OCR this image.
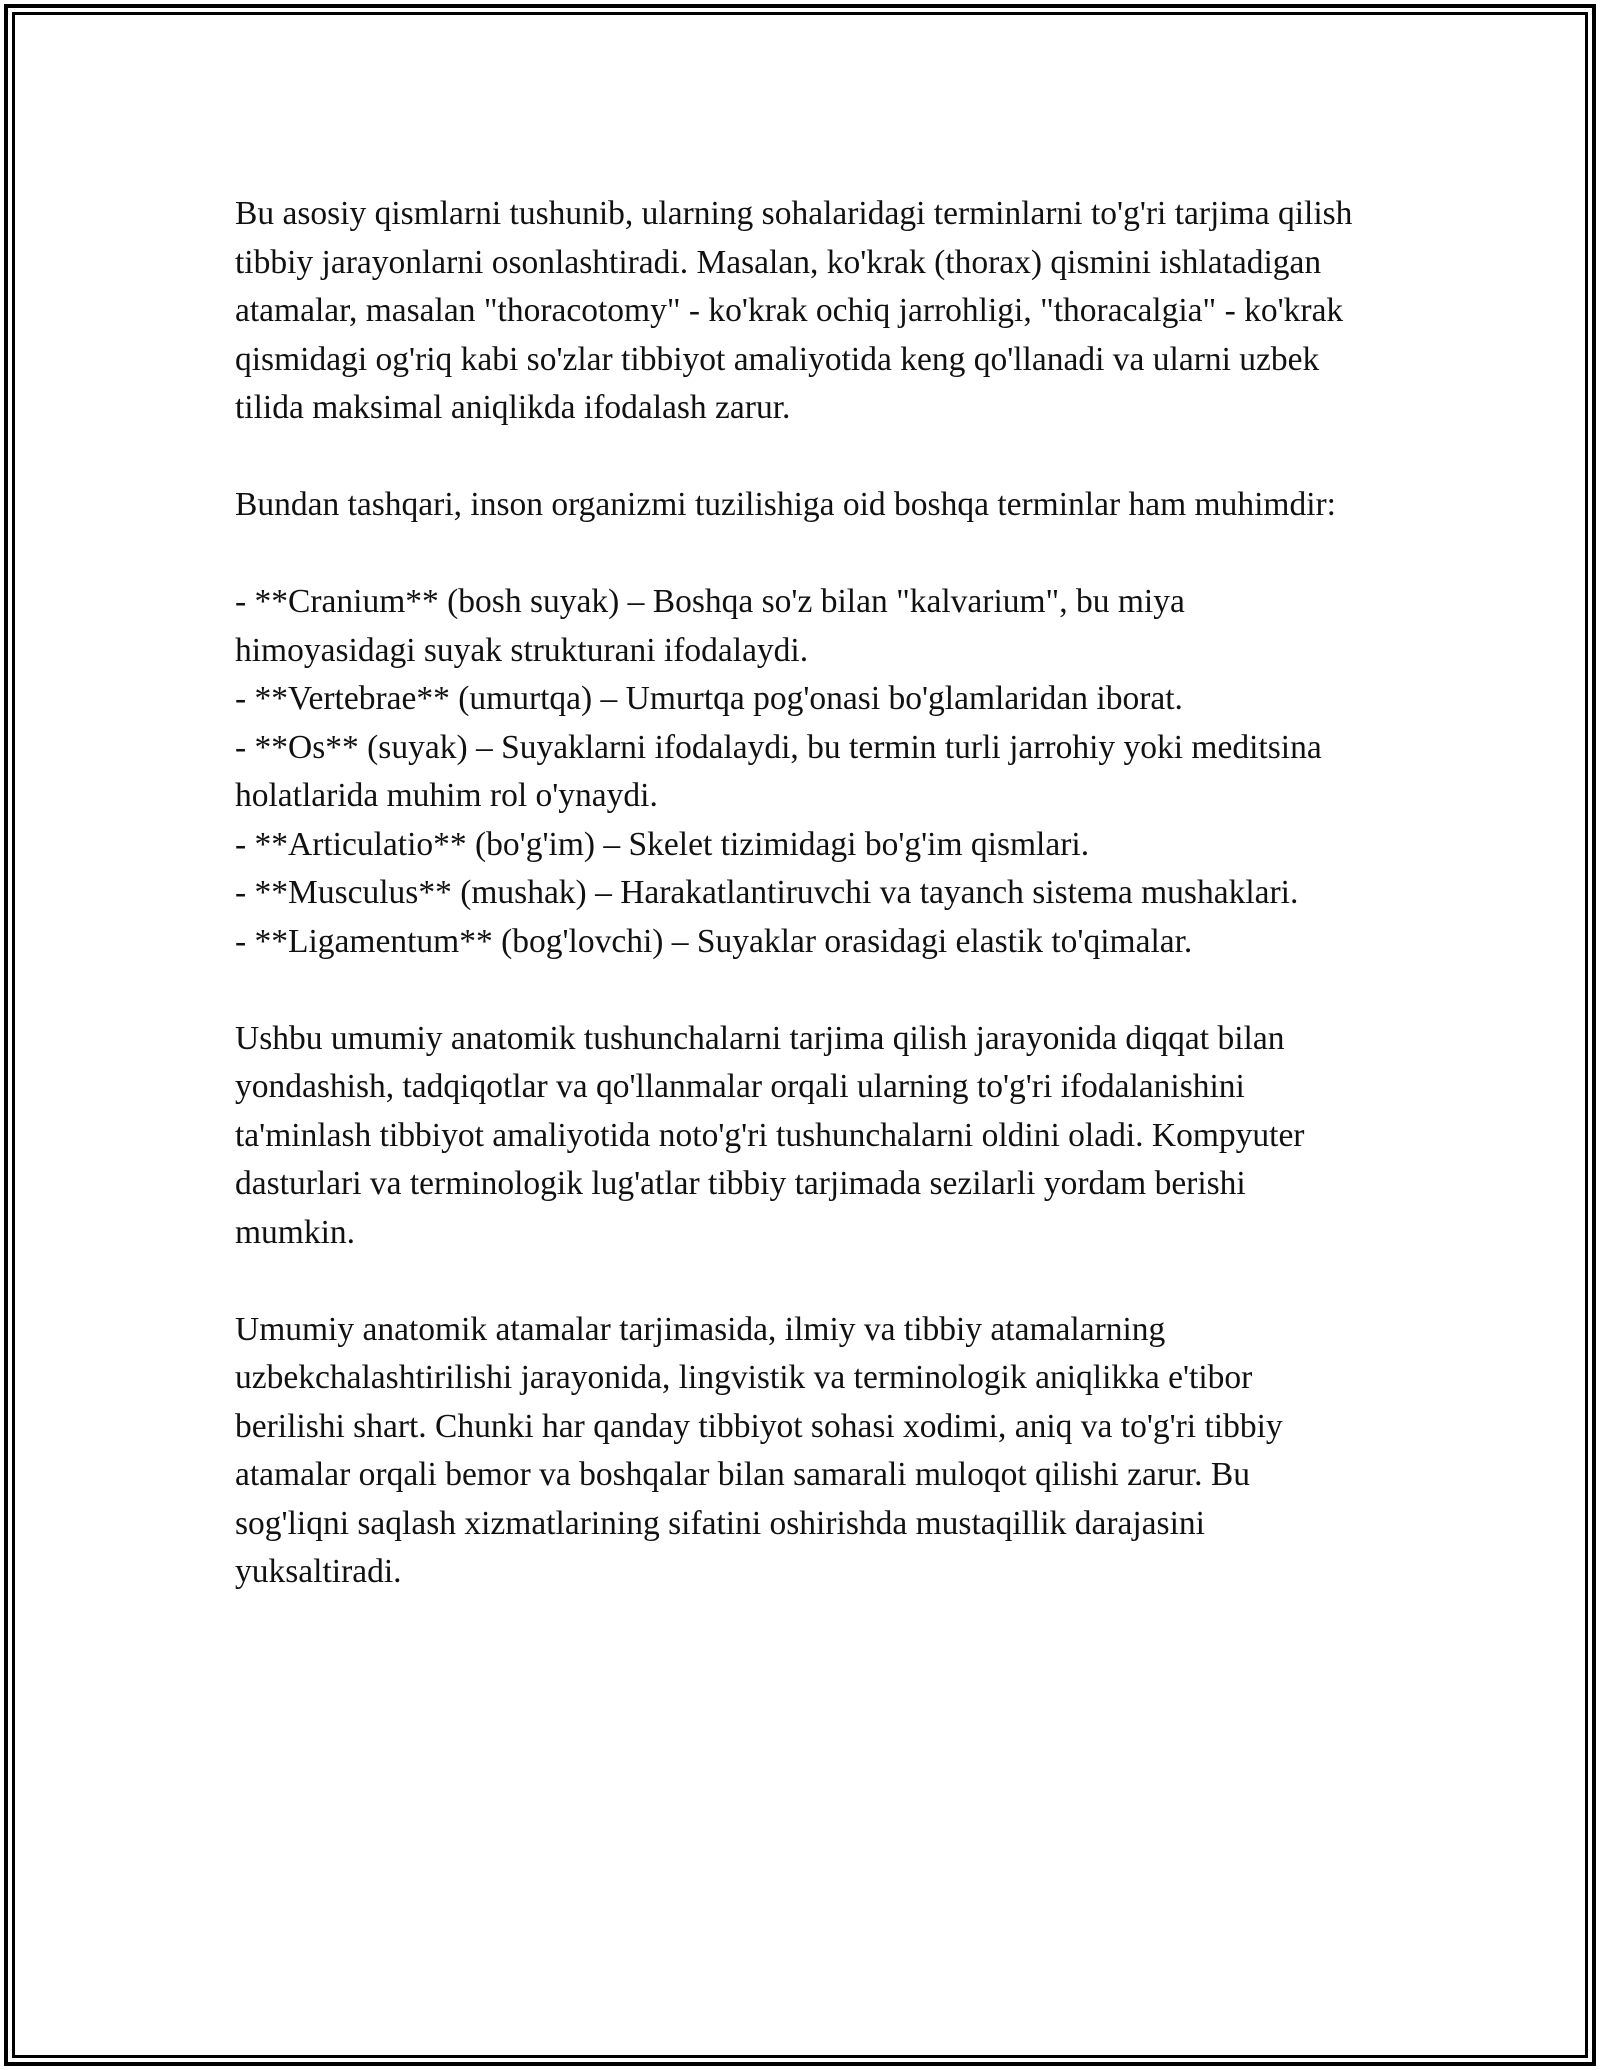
Bu asosiy qismlarni tushunib, ularning sohalaridagi terminlarni to'g'ri tarjima qilish tibbiy jarayonlarni osonlashtiradi. Masalan, ko'krak (thorax) qismini ishlatadigan atamalar, masalan "thoracotomy" - ko'krak ochiq jarrohligi, "thoracalgia" - ko'krak qismidagi og'riq kabi so'zlar tibbiyot amaliyotida keng qo'llanadi va ularni uzbek tilida maksimal aniqlikda ifodalash zarur.

Bundan tashqari, inson organizmi tuzilishiga oid boshqa terminlar ham muhimdir:

- **Cranium** (bosh suyak) – Boshqa so'z bilan "kalvarium", bu miya himoyasidagi suyak strukturani ifodalaydi.
- **Vertebrae** (umurtqa) – Umurtqa pog'onasi bo'glamlaridan iborat.
- **Os** (suyak) – Suyaklarni ifodalaydi, bu termin turli jarrohiy yoki meditsina holatlarida muhim rol o'ynaydi.
- **Articulatio** (bo'g'im) – Skelet tizimidagi bo'g'im qismlari.
- **Musculus** (mushak) – Harakatlantiruvchi va tayanch sistema mushaklari.
- **Ligamentum** (bog'lovchi) – Suyaklar orasidagi elastik to'qimalar.

Ushbu umumiy anatomik tushunchalarni tarjima qilish jarayonida diqqat bilan yondashish, tadqiqotlar va qo'llanmalar orqali ularning to'g'ri ifodalanishini ta'minlash tibbiyot amaliyotida noto'g'ri tushunchalarni oldini oladi. Kompyuter dasturlari va terminologik lug'atlar tibbiy tarjimada sezilarli yordam berishi mumkin.

Umumiy anatomik atamalar tarjimasida, ilmiy va tibbiy atamalarning uzbekchalashtirilishi jarayonida, lingvistik va terminologik aniqlikka e'tibor berilishi shart. Chunki har qanday tibbiyot sohasi xodimi, aniq va to'g'ri tibbiy atamalar orqali bemor va boshqalar bilan samarali muloqot qilishi zarur. Bu sog'liqni saqlash xizmatlarining sifatini oshirishda mustaqillik darajasini yuksaltiradi.
